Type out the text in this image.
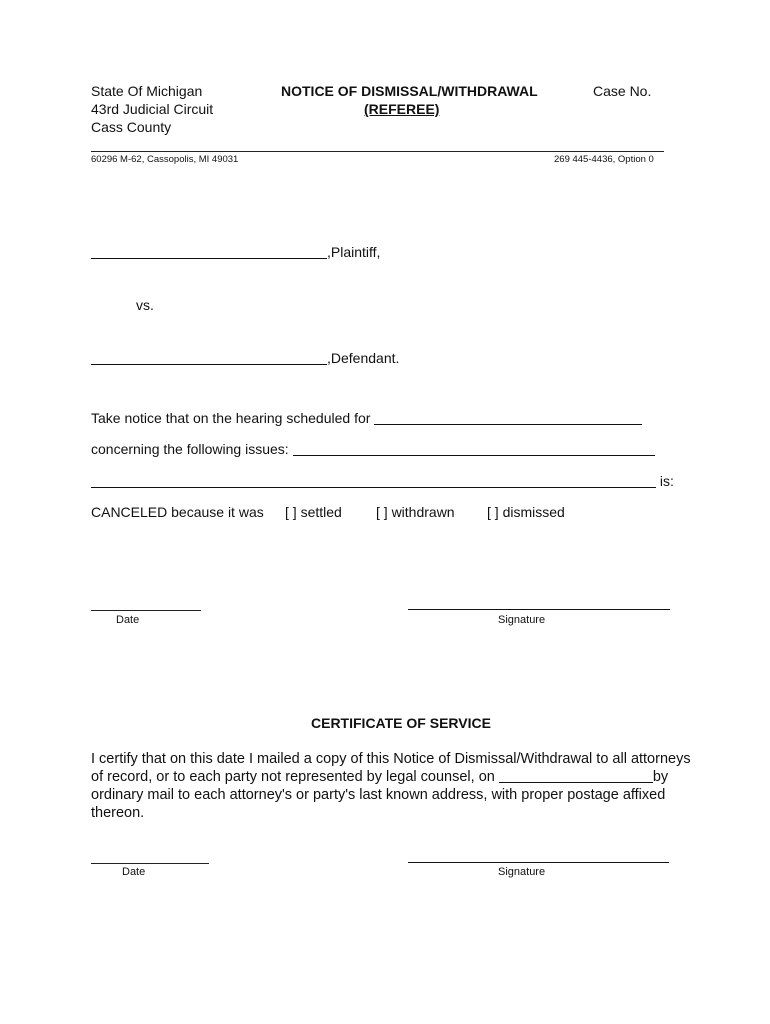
State Of Michigan
43rd Judicial Circuit
Cass County
NOTICE OF DISMISSAL/WITHDRAWAL
(REFEREE)
Case No.
60296 M-62, Cassopolis, MI 49031	269 445-4436, Option 0
,Plaintiff,
vs.
,Defendant.
Take notice that on the hearing scheduled for
concerning the following issues:
is:
CANCELED because it was [ ] settled [ ] withdrawn [ ] dismissed
Date	Signature
CERTIFICATE OF SERVICE
I certify that on this date I mailed a copy of this Notice of Dismissal/Withdrawal to all attorneys
of record, or to each party not represented by legal counsel, on	by
ordinary mail to each attorney's or party's last known address, with proper postage affixed
thereon.
Date	Signature
